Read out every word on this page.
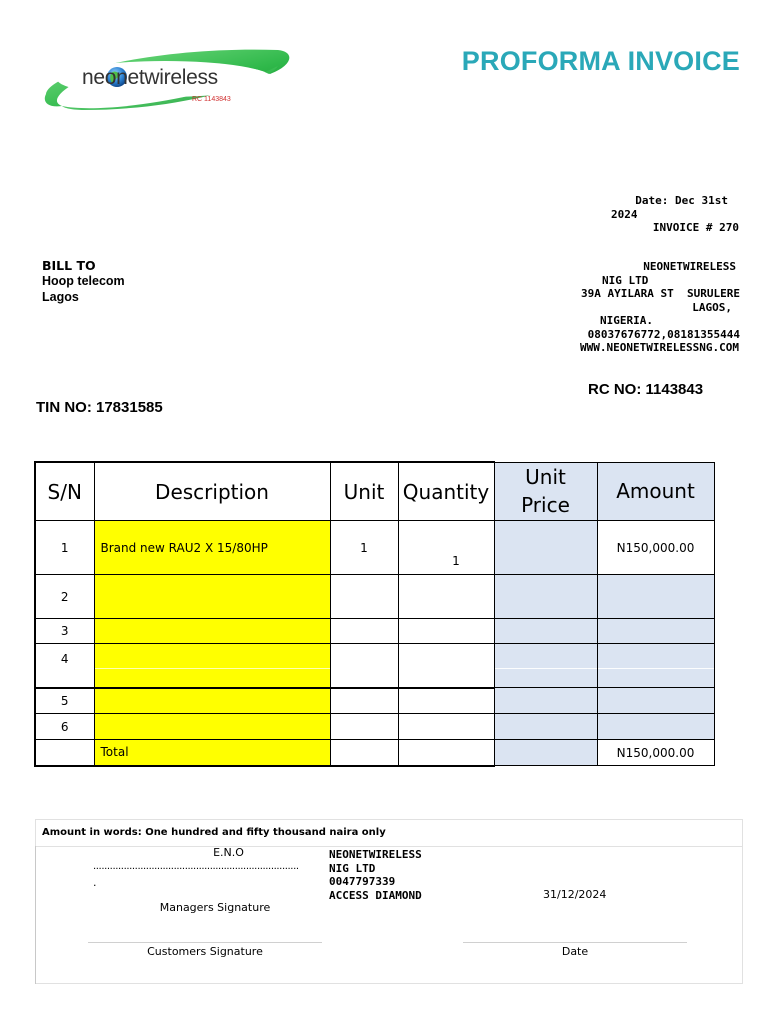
neonetwireless
RC 1143843
PROFORMA INVOICE
Date: Dec 31st
2024
INVOICE # 270
BILL TO
Hoop telecom
Lagos
NEONETWIRELESS
NIG LTD
39A AYILARA ST  SURULERE
LAGOS,
NIGERIA.
08037676772,08181355444
WWW.NEONETWIRELESSNG.COM
RC NO: 1143843
TIN NO: 17831585
S/N	Description	Unit	Quantity	Unit Price	Amount
1	Brand new RAU2 X 15/80HP	1	1		N150,000.00
2					
3					
4	

5					
6					
	Total				N150,000.00
Amount in words: One hundred and fifty thousand naira only
E.N.O
..........................................................................
.
Managers Signature
NEONETWIRELESS
NIG LTD
0047797339
ACCESS DIAMOND	31/12/2024
Customers Signature	Date
